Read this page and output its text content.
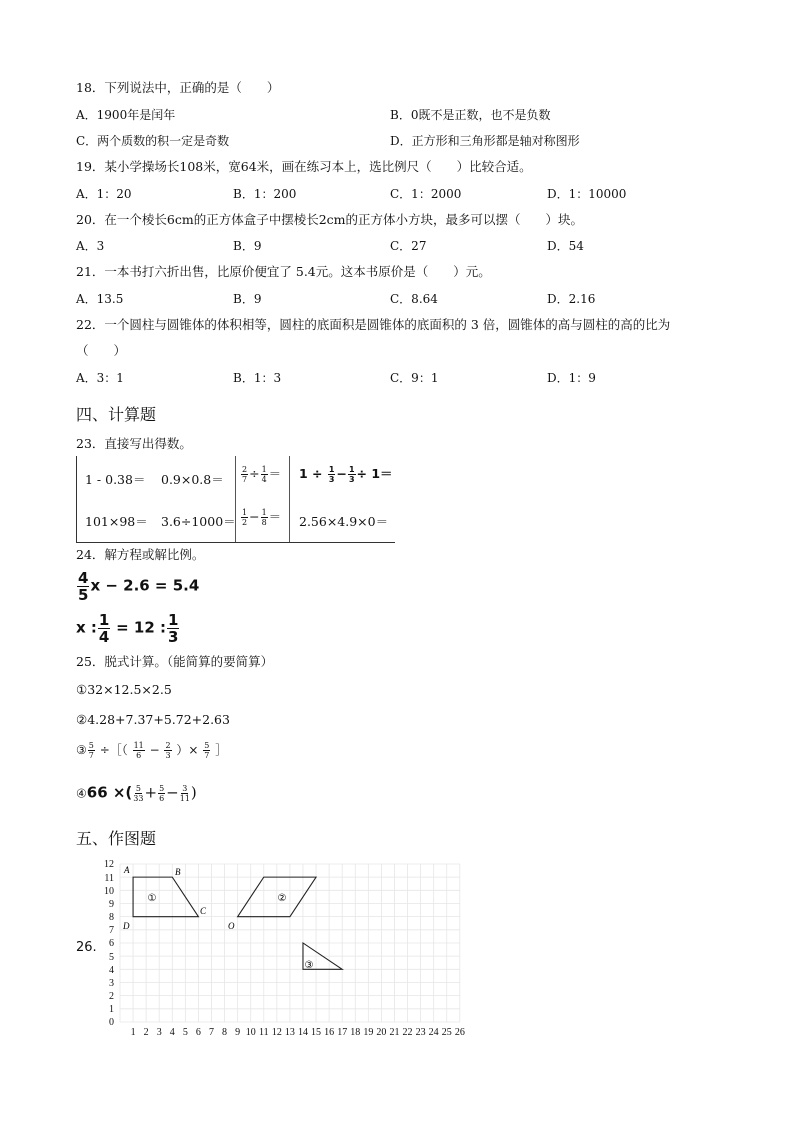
18．下列说法中，正确的是（　　）
A．1900年是闰年	B．0既不是正数，也不是负数
C．两个质数的积一定是奇数	D．正方形和三角形都是轴对称图形
19．某小学操场长108米，宽64米，画在练习本上，选比例尺（　　）比较合适。
A．1：20	B．1：200	C．1：2000	D．1：10000
20．在一个棱长6cm的正方体盒子中摆棱长2cm的正方体小方块，最多可以摆（　　）块。
A．3	B．9	C．27	D．54
21．一本书打六折出售，比原价便宜了 5.4元。这本书原价是（　　）元。
A．13.5	B．9	C．8.64	D．2.16
22．一个圆柱与圆锥体的体积相等，圆柱的底面积是圆锥体的底面积的 3 倍，圆锥体的高与圆柱的高的比为
（　　）
A．3：1	B．1：3	C．9：1	D．1：9
四、计算题
23．直接写出得数。
$1 - 0.38= 0.9\times 0.8= \frac{2}{7} \div \frac{1}{4} = 1 \div \frac{1}{3} - \frac{1}{3} \div 1=$
$101\times 98= 3.6\div 1000= \frac{1}{2} - \frac{1}{8} = 2.56\times 4.9\times 0=$
24．解方程或解比例。
$\frac{4}{5}$ х − 2.6 = 5.4
х : $\frac{1}{4} = 12$ : $\frac{1}{3}$
25．脱式计算。（能简算的要简算）
①32×12.5×2.5
②4.28+7.37+5.72+2.63
③ $\frac{5}{7}$ ÷［（ $\frac{11}{6} - \frac{2}{3}$ ）× $\frac{5}{7}$ ］
④66 ×( $\frac{5}{33} + \frac{5}{6} - \frac{3}{11}$ )
五、作图题
26.
0
1
2
3
4
5
6
7
8
9
10
11
12
1 2 3 4 5 6 7 8 9 10 11 12 13 14 15 16 17 18 19 20 21 22 23 24 25 26
①
A	B
C
D
②
O
③
